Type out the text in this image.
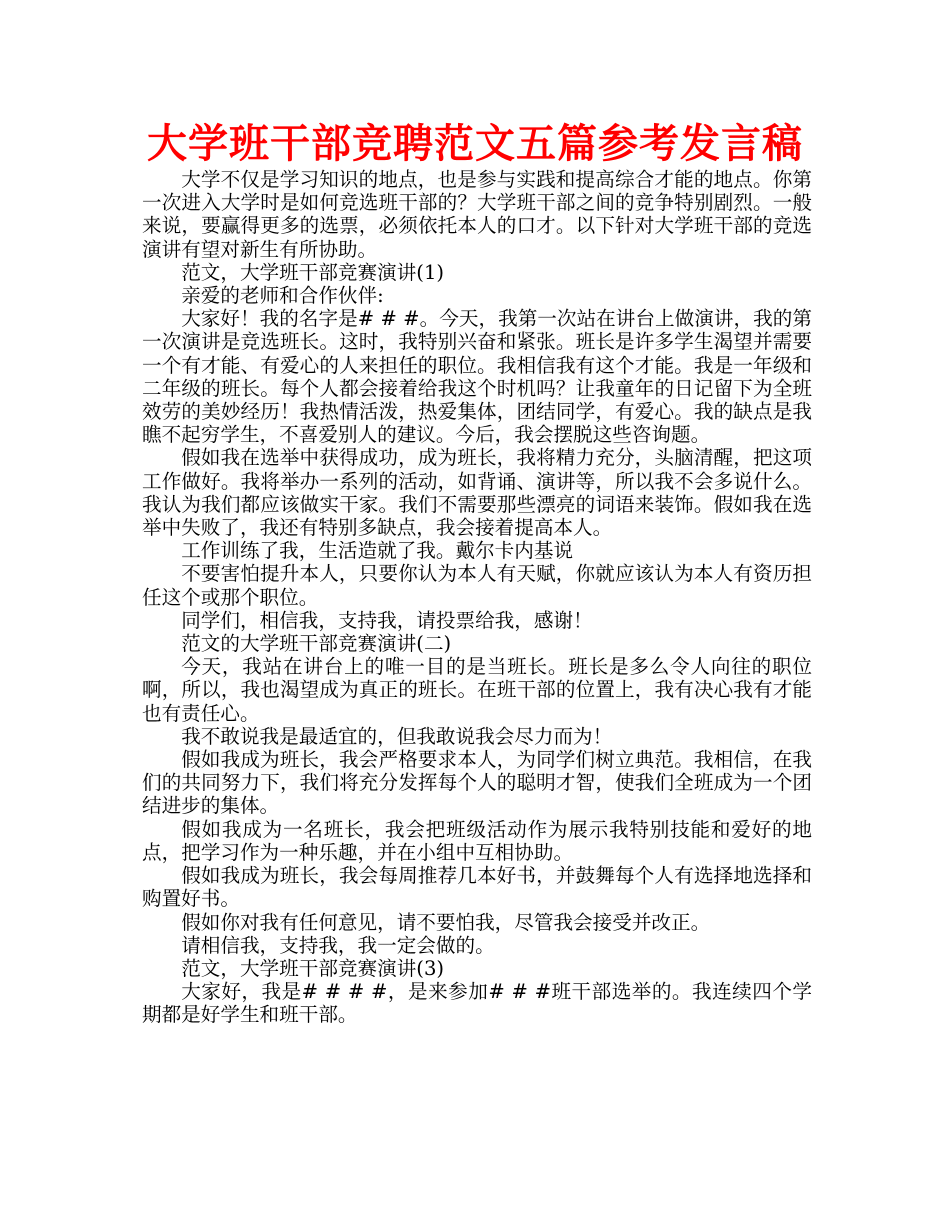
大学班干部竞聘范文五篇参考发言稿

大学不仅是学习知识的地点，也是参与实践和提高综合才能的地点。你第一次进入大学时是如何竞选班干部的？大学班干部之间的竞争特别剧烈。一般来说，要赢得更多的选票，必须依托本人的口才。以下针对大学班干部的竞选演讲有望对新生有所协助。

范文，大学班干部竞赛演讲(1)

亲爱的老师和合作伙伴:

大家好！我的名字是# # #。今天，我第一次站在讲台上做演讲，我的第一次演讲是竞选班长。这时，我特别兴奋和紧张。班长是许多学生渴望并需要一个有才能、有爱心的人来担任的职位。我相信我有这个才能。我是一年级和二年级的班长。每个人都会接着给我这个时机吗？让我童年的日记留下为全班效劳的美妙经历！我热情活泼，热爱集体，团结同学，有爱心。我的缺点是我瞧不起穷学生，不喜爱别人的建议。今后，我会摆脱这些咨询题。

假如我在选举中获得成功，成为班长，我将精力充分，头脑清醒，把这项工作做好。我将举办一系列的活动，如背诵、演讲等，所以我不会多说什么。我认为我们都应该做实干家。我们不需要那些漂亮的词语来装饰。假如我在选举中失败了，我还有特别多缺点，我会接着提高本人。

工作训练了我，生活造就了我。戴尔卡内基说

不要害怕提升本人，只要你认为本人有天赋，你就应该认为本人有资历担任这个或那个职位。

同学们，相信我，支持我，请投票给我，感谢！

范文的大学班干部竞赛演讲(二)

今天，我站在讲台上的唯一目的是当班长。班长是多么令人向往的职位啊，所以，我也渴望成为真正的班长。在班干部的位置上，我有决心我有才能也有责任心。

我不敢说我是最适宜的，但我敢说我会尽力而为！

假如我成为班长，我会严格要求本人，为同学们树立典范。我相信，在我们的共同努力下，我们将充分发挥每个人的聪明才智，使我们全班成为一个团结进步的集体。

假如我成为一名班长，我会把班级活动作为展示我特别技能和爱好的地点，把学习作为一种乐趣，并在小组中互相协助。

假如我成为班长，我会每周推荐几本好书，并鼓舞每个人有选择地选择和购置好书。

假如你对我有任何意见，请不要怕我，尽管我会接受并改正。

请相信我，支持我，我一定会做的。

范文，大学班干部竞赛演讲(3)

大家好，我是# # # #，是来参加# # #班干部选举的。我连续四个学期都是好学生和班干部。
